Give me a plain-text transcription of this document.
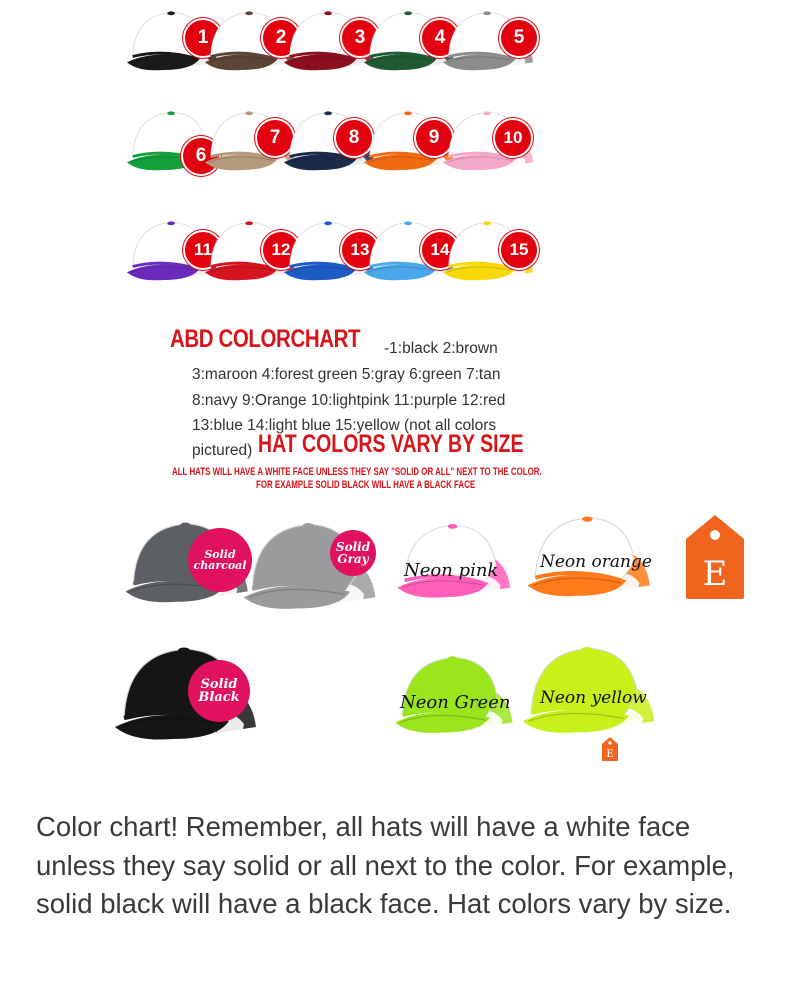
1	2	3	4	5
6
7	8	9	10
11	12	13	14	15
ABD COLORCHART -1:black 2:brown
3:maroon 4:forest green 5:gray 6:green 7:tan
8:navy 9:Orange 10:lightpink 11:purple 12:red
13:blue 14:light blue 15:yellow (not all colors
pictured) HAT COLORS VARY BY SIZE
ALL HATS WILL HAVE A WHITE FACE UNLESS THEY SAY "SOLID OR ALL" NEXT TO THE COLOR.
FOR EXAMPLE SOLID BLACK WILL HAVE A BLACK FACE
Solid
charcoal
Solid
Gray
Solid
Black
Neon pink Neon orange
Neon Green Neon yellow
E
E
Color chart! Remember, all hats will have a white face unless they say solid or all next to the color. For example, solid black will have a black face. Hat colors vary by size.
